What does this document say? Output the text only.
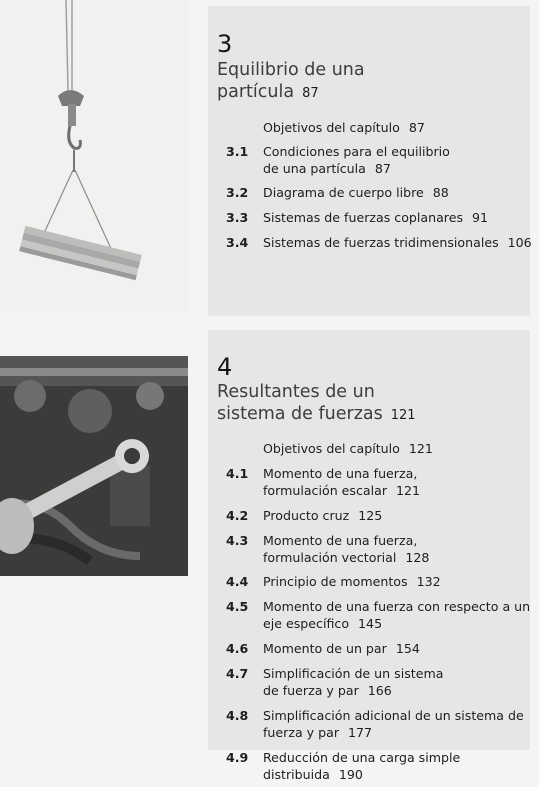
3
Equilibrio de una
partícula 87
Objetivos del capítulo 87
3.1 Condiciones para el equilibrio
de una partícula 87
3.2 Diagrama de cuerpo libre 88
3.3 Sistemas de fuerzas coplanares 91
3.4 Sistemas de fuerzas tridimensionales 106
4
Resultantes de un
sistema de fuerzas 121
Objetivos del capítulo 121
4.1 Momento de una fuerza,
formulación escalar 121
4.2 Producto cruz 125
4.3 Momento de una fuerza,
formulación vectorial 128
4.4 Principio de momentos 132
4.5 Momento de una fuerza con respecto a un
eje específico 145
4.6 Momento de un par 154
4.7 Simplificación de un sistema
de fuerza y par 166
4.8 Simplificación adicional de un sistema de
fuerza y par 177
4.9 Reducción de una carga simple
distribuida 190
